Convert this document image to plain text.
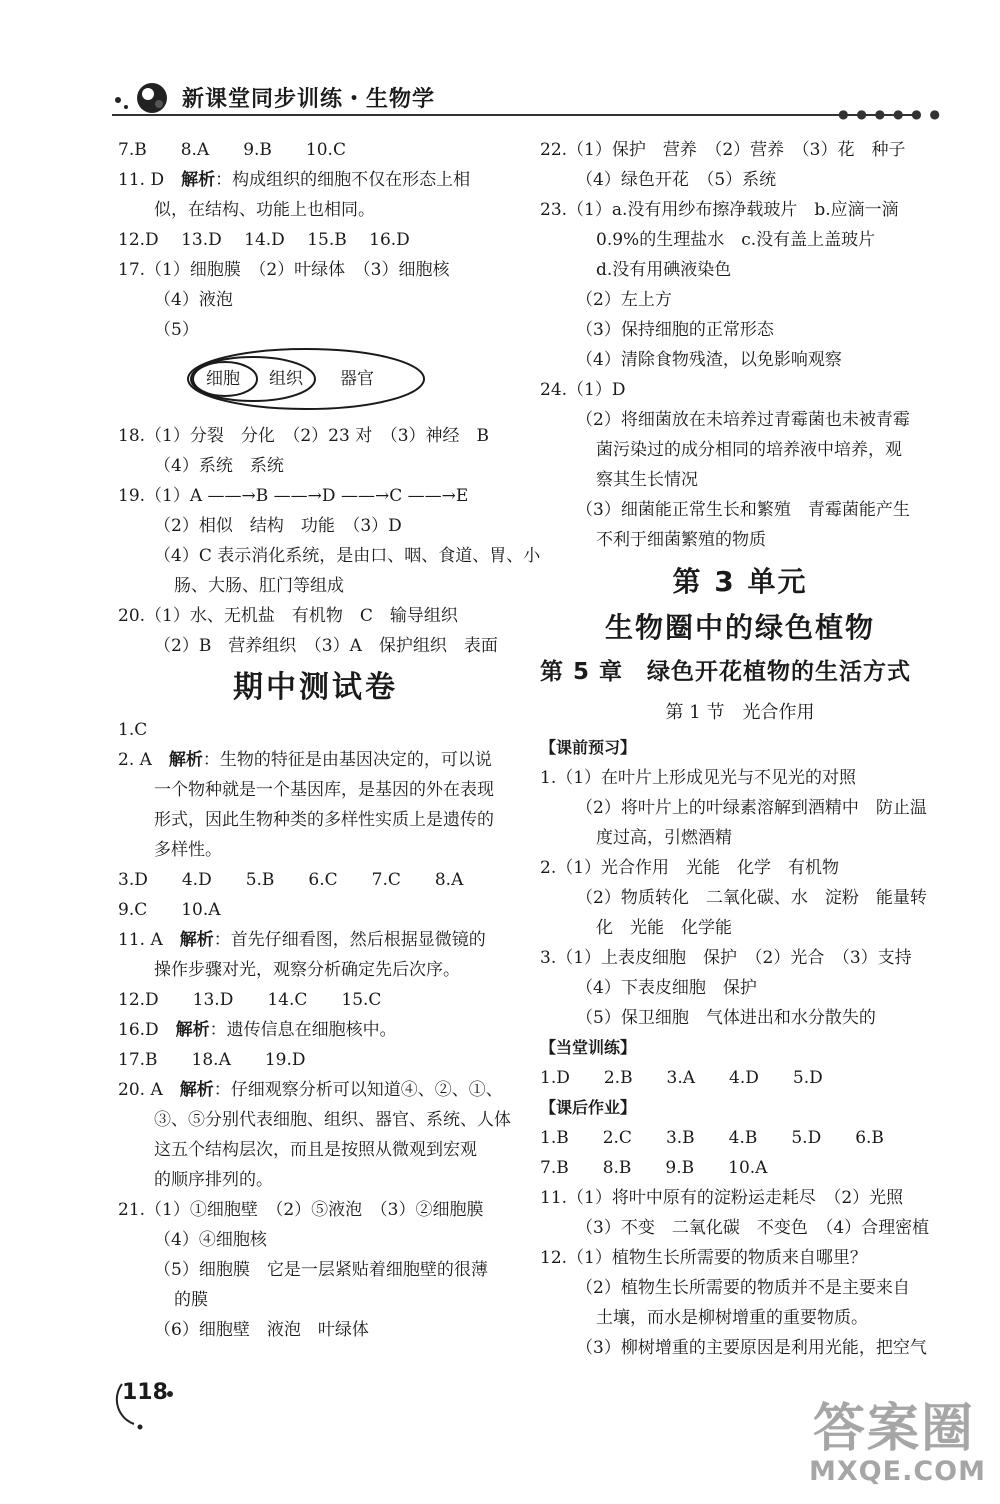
新课堂同步训练・生物学
● ● ● ● ● ●
7.B　　8.A　　9.B　　10.C
11. D　解析：构成组织的细胞不仅在形态上相
似，在结构、功能上也相同。
12.D　 13.D　 14.D　 15.B　 16.D
17.（1）细胞膜　（2）叶绿体　（3）细胞核
（4）液泡
（5）
细胞 组织 器官
18.（1）分裂　分化　（2）23 对　（3）神经　B
（4）系统　系统
19.（1）A ——→B ——→D ——→C ——→E
（2）相似　结构　功能　（3）D
（4）C 表示消化系统，是由口、咽、食道、胃、小
肠、大肠、肛门等组成
20.（1）水、无机盐　有机物　C　输导组织
（2）B　营养组织　（3）A　保护组织　表面
期中测试卷
1.C
2. A　解析：生物的特征是由基因决定的，可以说
一个物种就是一个基因库，是基因的外在表现
形式，因此生物种类的多样性实质上是遗传的
多样性。
3.D　　4.D　　5.B　　6.C　　7.C　　8.A
9.C　　10.A
11. A　解析：首先仔细看图，然后根据显微镜的
操作步骤对光，观察分析确定先后次序。
12.D　　13.D　　14.C　　15.C
16.D　解析：遗传信息在细胞核中。
17.B　　18.A　　19.D
20. A　解析：仔细观察分析可以知道④、②、①、
③、⑤分别代表细胞、组织、器官、系统、人体
这五个结构层次，而且是按照从微观到宏观
的顺序排列的。
21.（1）①细胞壁　（2）⑤液泡　（3）②细胞膜
（4）④细胞核
（5）细胞膜　它是一层紧贴着细胞壁的很薄
的膜
（6）细胞壁　液泡　叶绿体
22.（1）保护　营养　（2）营养　（3）花　种子
（4）绿色开花　（5）系统
23.（1）a.没有用纱布擦净载玻片　b.应滴一滴
0.9%的生理盐水　c.没有盖上盖玻片
d.没有用碘液染色
（2）左上方
（3）保持细胞的正常形态
（4）清除食物残渣，以免影响观察
24.（1）D
（2）将细菌放在未培养过青霉菌也未被青霉
菌污染过的成分相同的培养液中培养，观
察其生长情况
（3）细菌能正常生长和繁殖　青霉菌能产生
不利于细菌繁殖的物质
第 3 单元
生物圈中的绿色植物
第 5 章　绿色开花植物的生活方式
第 1 节　光合作用
【课前预习】
1.（1）在叶片上形成见光与不见光的对照
（2）将叶片上的叶绿素溶解到酒精中　防止温
度过高，引燃酒精
2.（1）光合作用　光能　化学　有机物
（2）物质转化　二氧化碳、水　淀粉　能量转
化　光能　化学能
3.（1）上表皮细胞　保护　（2）光合　（3）支持
（4）下表皮细胞　保护
（5）保卫细胞　气体进出和水分散失的
【当堂训练】
1.D　　2.B　　3.A　　4.D　　5.D
【课后作业】
1.B　　2.C　　3.B　　4.B　　5.D　　6.B
7.B　　8.B　　9.B　　10.A
11.（1）将叶中原有的淀粉运走耗尽　（2）光照
（3）不变　二氧化碳　不变色　（4）合理密植
12.（1）植物生长所需要的物质来自哪里？
（2）植物生长所需要的物质并不是主要来自
土壤，而水是柳树增重的重要物质。
（3）柳树增重的主要原因是利用光能，把空气
118
答案圈
MXQE.COM
